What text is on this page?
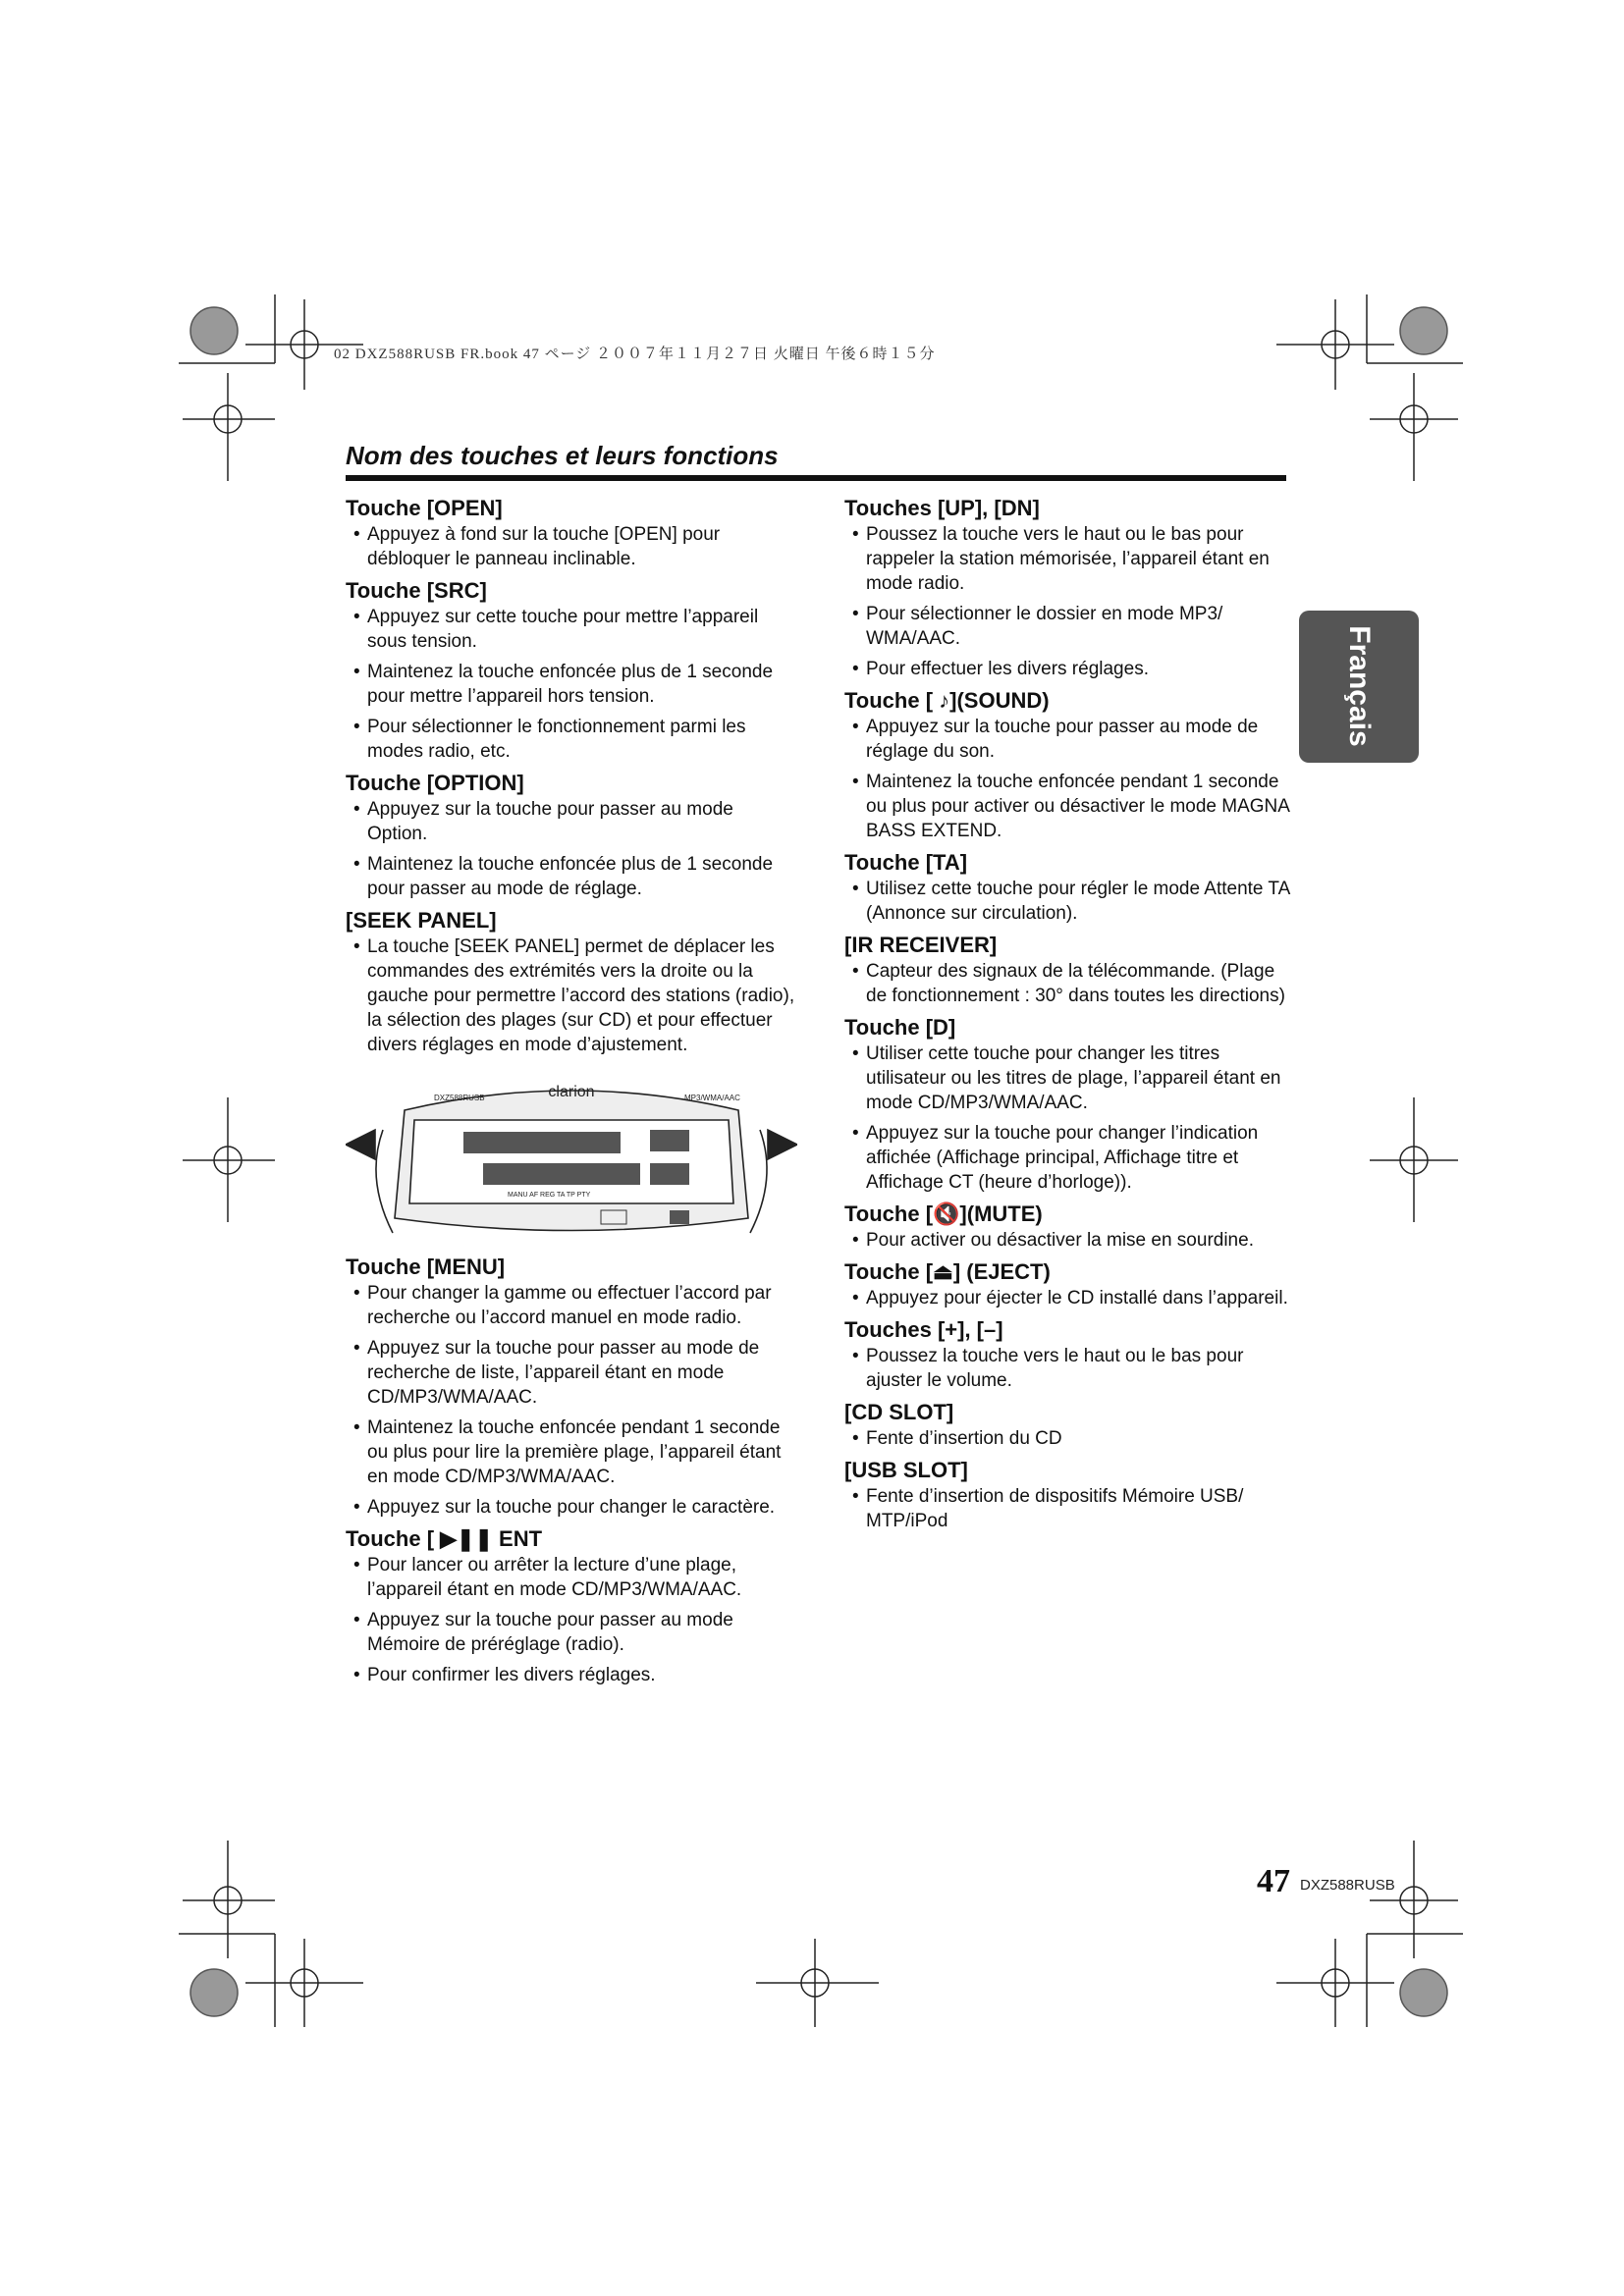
02 DXZ588RUSB FR.book 47 ページ ２００７年１１月２７日 火曜日 午後６時１５分
Nom des touches et leurs fonctions
Français
Touche [OPEN]
• Appuyez à fond sur la touche [OPEN] pour débloquer le panneau inclinable.
Touche [SRC]
• Appuyez sur cette touche pour mettre l’appareil sous tension.
• Maintenez la touche enfoncée plus de 1 seconde pour mettre l’appareil hors tension.
• Pour sélectionner le fonctionnement parmi les modes radio, etc.
Touche [OPTION]
• Appuyez sur la touche pour passer au mode Option.
• Maintenez la touche enfoncée plus de 1 seconde pour passer au mode de réglage.
[SEEK PANEL]
• La touche [SEEK PANEL] permet de déplacer les commandes des extrémités vers la droite ou la gauche pour permettre l’accord des stations (radio), la sélection des plages (sur CD) et pour effectuer divers réglages en mode d’ajustement.
clarion
DXZ588RUSB	MP3/WMA/AAC
MANU AF REG TA TP PTY
Touche [MENU]
• Pour changer la gamme ou effectuer l’accord par recherche ou l’accord manuel en mode radio.
• Appuyez sur la touche pour passer au mode de recherche de liste, l’appareil étant en mode CD/MP3/WMA/AAC.
• Maintenez la touche enfoncée pendant 1 seconde ou plus pour lire la première plage, l’appareil étant en mode CD/MP3/WMA/AAC.
• Appuyez sur la touche pour changer le caractère.
Touche [ ▶❚❚ ENT
• Pour lancer ou arrêter la lecture d’une plage, l’appareil étant en mode CD/MP3/WMA/AAC.
• Appuyez sur la touche pour passer au mode Mémoire de préréglage (radio).
• Pour confirmer les divers réglages.
Touches [UP], [DN]
• Poussez la touche vers le haut ou le bas pour rappeler la station mémorisée, l’appareil étant en mode radio.
• Pour sélectionner le dossier en mode MP3/ WMA/AAC.
• Pour effectuer les divers réglages.
Touche [ ♪](SOUND)
• Appuyez sur la touche pour passer au mode de réglage du son.
• Maintenez la touche enfoncée pendant 1 seconde ou plus pour activer ou désactiver le mode MAGNA BASS EXTEND.
Touche [TA]
• Utilisez cette touche pour régler le mode Attente TA (Annonce sur circulation).
[IR RECEIVER]
• Capteur des signaux de la télécommande. (Plage de fonctionnement : 30° dans toutes les directions)
Touche [D]
• Utiliser cette touche pour changer les titres utilisateur ou les titres de plage, l’appareil étant en mode CD/MP3/WMA/AAC.
• Appuyez sur la touche pour changer l’indication affichée (Affichage principal, Affichage titre et Affichage CT (heure d’horloge)).
Touche [🔇](MUTE)
• Pour activer ou désactiver la mise en sourdine.
Touche [⏏] (EJECT)
• Appuyez pour éjecter le CD installé dans l’appareil.
Touches [+], [–]
• Poussez la touche vers le haut ou le bas pour ajuster le volume.
[CD SLOT]
• Fente d’insertion du CD
[USB SLOT]
• Fente d’insertion de dispositifs Mémoire USB/ MTP/iPod
47 DXZ588RUSB
